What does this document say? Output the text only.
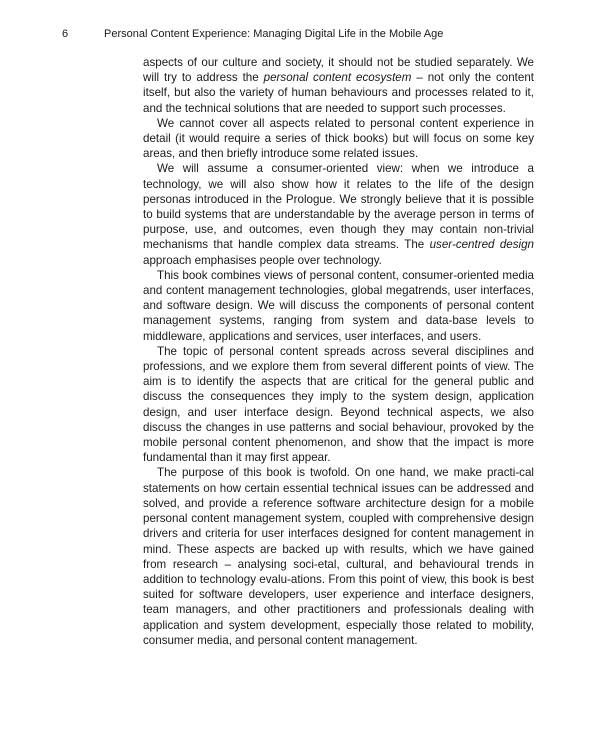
6	Personal Content Experience: Managing Digital Life in the Mobile Age

aspects of our culture and society, it should not be studied separately. We will try to address the personal content ecosystem – not only the content itself, but also the variety of human behaviours and processes related to it, and the technical solutions that are needed to support such processes.

We cannot cover all aspects related to personal content experience in detail (it would require a series of thick books) but will focus on some key areas, and then briefly introduce some related issues.

We will assume a consumer-oriented view: when we introduce a technology, we will also show how it relates to the life of the design personas introduced in the Prologue. We strongly believe that it is possible to build systems that are understandable by the average person in terms of purpose, use, and outcomes, even though they may contain non-trivial mechanisms that handle complex data streams. The user-centred design approach emphasises people over technology.

This book combines views of personal content, consumer-oriented media and content management technologies, global megatrends, user interfaces, and software design. We will discuss the components of personal content management systems, ranging from system and data-base levels to middleware, applications and services, user interfaces, and users.

The topic of personal content spreads across several disciplines and professions, and we explore them from several different points of view. The aim is to identify the aspects that are critical for the general public and discuss the consequences they imply to the system design, application design, and user interface design. Beyond technical aspects, we also discuss the changes in use patterns and social behaviour, provoked by the mobile personal content phenomenon, and show that the impact is more fundamental than it may first appear.

The purpose of this book is twofold. On one hand, we make practi-cal statements on how certain essential technical issues can be addressed and solved, and provide a reference software architecture design for a mobile personal content management system, coupled with comprehensive design drivers and criteria for user interfaces designed for content management in mind. These aspects are backed up with results, which we have gained from research – analysing soci-etal, cultural, and behavioural trends in addition to technology evalu-ations. From this point of view, this book is best suited for software developers, user experience and interface designers, team managers, and other practitioners and professionals dealing with application and system development, especially those related to mobility, consumer media, and personal content management.
